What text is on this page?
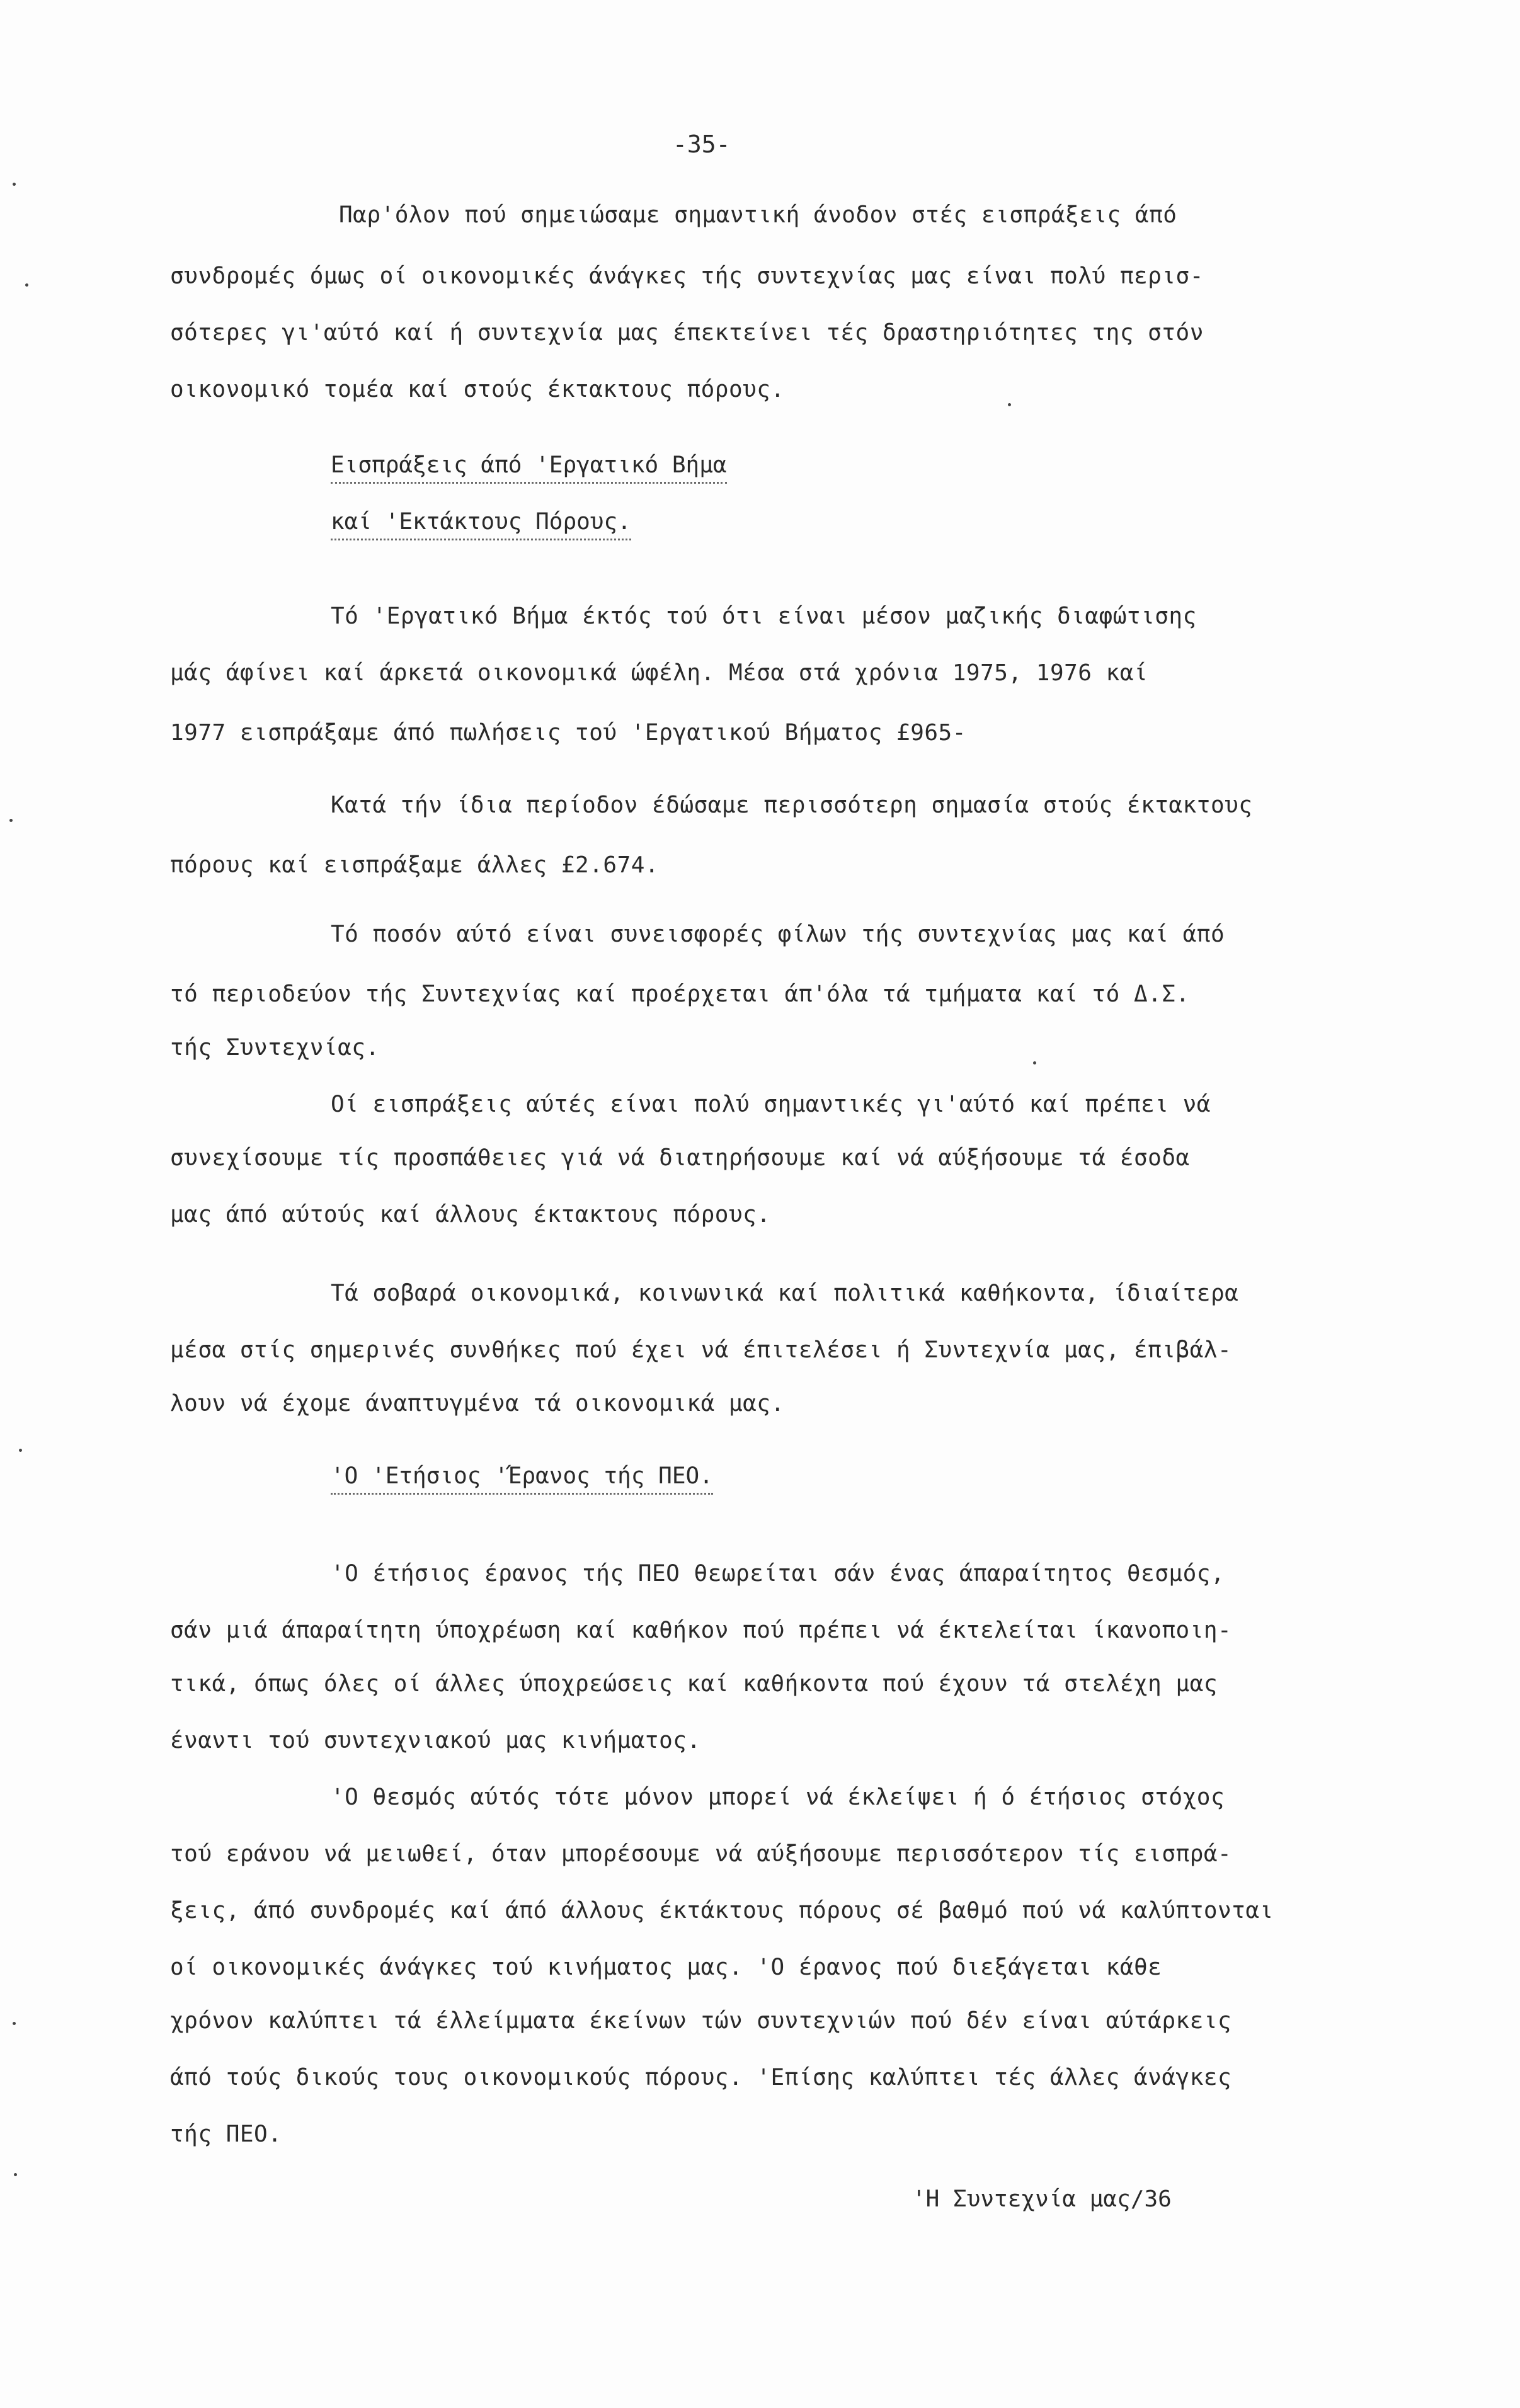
-35-
Παρ'όλον πού σημειώσαμε σημαντική άνοδον στές εισπράξεις άπό
συνδρομές όμως οί οικονομικές άνάγκες τής συντεχνίας μας είναι πολύ περισ-
σότερες γι'αύτό καί ή συντεχνία μας έπεκτείνει τές δραστηριότητες της στόν
οικονομικό τομέα καί στούς έκτακτους πόρους.
Εισπράξεις άπό 'Εργατικό Βήμα
καί 'Εκτάκτους Πόρους.
Τό 'Εργατικό Βήμα έκτός τού ότι είναι μέσον μαζικής διαφώτισης
μάς άφίνει καί άρκετά οικονομικά ώφέλη. Μέσα στά χρόνια 1975, 1976 καί
1977 εισπράξαμε άπό πωλήσεις τού 'Εργατικού Βήματος £965-
Κατά τήν ίδια περίοδον έδώσαμε περισσότερη σημασία στούς έκτακτους
πόρους καί εισπράξαμε άλλες £2.674.
Τό ποσόν αύτό είναι συνεισφορές φίλων τής συντεχνίας μας καί άπό
τό περιοδεύον τής Συντεχνίας καί προέρχεται άπ'όλα τά τμήματα καί τό Δ.Σ.
τής Συντεχνίας.
Οί εισπράξεις αύτές είναι πολύ σημαντικές γι'αύτό καί πρέπει νά
συνεχίσουμε τίς προσπάθειες γιά νά διατηρήσουμε καί νά αύξήσουμε τά έσοδα
μας άπό αύτούς καί άλλους έκτακτους πόρους.
Τά σοβαρά οικονομικά, κοινωνικά καί πολιτικά καθήκοντα, ίδιαίτερα
μέσα στίς σημερινές συνθήκες πού έχει νά έπιτελέσει ή Συντεχνία μας, έπιβάλ-
λουν νά έχομε άναπτυγμένα τά οικονομικά μας.
'Ο 'Ετήσιος 'Έρανος τής ΠΕΟ.
'Ο έτήσιος έρανος τής ΠΕΟ θεωρείται σάν ένας άπαραίτητος θεσμός,
σάν μιά άπαραίτητη ύποχρέωση καί καθήκον πού πρέπει νά έκτελείται ίκανοποιη-
τικά, όπως όλες οί άλλες ύποχρεώσεις καί καθήκοντα πού έχουν τά στελέχη μας
έναντι τού συντεχνιακού μας κινήματος.
'Ο θεσμός αύτός τότε μόνον μπορεί νά έκλείψει ή ό έτήσιος στόχος
τού εράνου νά μειωθεί, όταν μπορέσουμε νά αύξήσουμε περισσότερον τίς εισπρά-
ξεις, άπό συνδρομές καί άπό άλλους έκτάκτους πόρους σέ βαθμό πού νά καλύπτονται
οί οικονομικές άνάγκες τού κινήματος μας. 'Ο έρανος πού διεξάγεται κάθε
χρόνον καλύπτει τά έλλείμματα έκείνων τών συντεχνιών πού δέν είναι αύτάρκεις
άπό τούς δικούς τους οικονομικούς πόρους. 'Επίσης καλύπτει τές άλλες άνάγκες
τής ΠΕΟ.
'Η Συντεχνία μας/36
